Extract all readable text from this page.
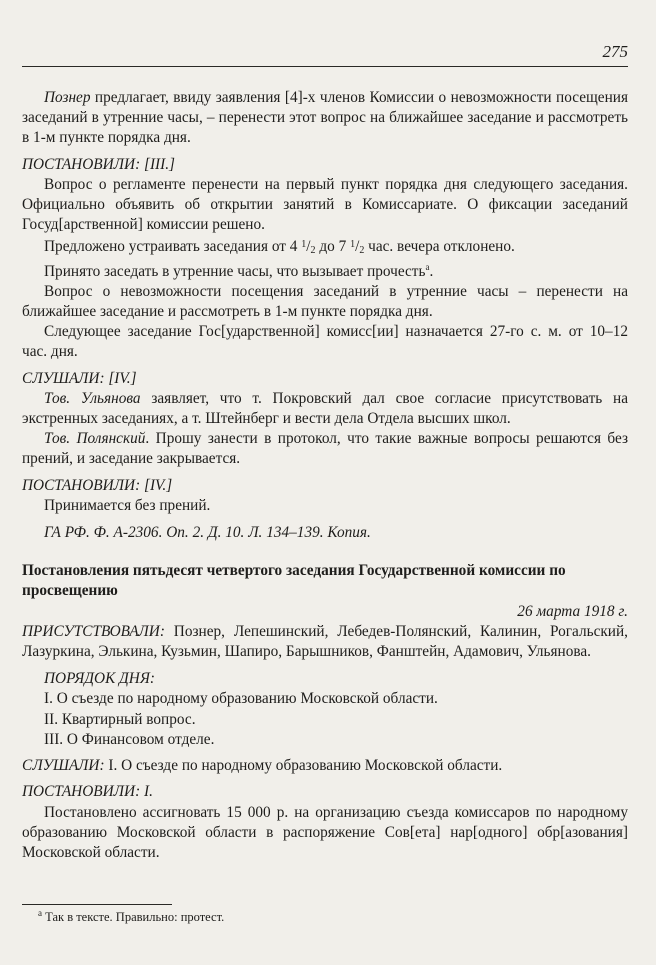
275

Познер предлагает, ввиду заявления [4]-х членов Комиссии о невозможности посещения заседаний в утренние часы, – перенести этот вопрос на ближайшее заседание и рассмотреть в 1-м пункте порядка дня.

ПОСТАНОВИЛИ: [III.]

Вопрос о регламенте перенести на первый пункт порядка дня следующего заседания. Официально объявить об открытии занятий в Комиссариате. О фиксации заседаний Госуд[арственной] комиссии решено.

Предложено устраивать заседания от 4 $^1$/2 до 7 $^1$/2 час. вечера отклонено.

Принято заседать в утренние часы, что вызывает прочесть$^a$.

Вопрос о невозможности посещения заседаний в утренние часы – перенести на ближайшее заседание и рассмотреть в 1-м пункте порядка дня.

Следующее заседание Гос[ударственной] комисс[ии] назначается 27-го с. м. от 10–12 час. дня.

СЛУШАЛИ: [IV.]

Тов. Ульянова заявляет, что т. Покровский дал свое согласие присутствовать на экстренных заседаниях, а т. Штейнберг и вести дела Отдела высших школ.

Тов. Полянский. Прошу занести в протокол, что такие важные вопросы решаются без прений, и заседание закрывается.

ПОСТАНОВИЛИ: [IV.]

Принимается без прений.

ГА РФ. Ф. А-2306. Оп. 2. Д. 10. Л. 134–139. Копия.

Постановления пятьдесят четвертого заседания Государственной комиссии по просвещению

26 марта 1918 г.

ПРИСУТСТВОВАЛИ: Познер, Лепешинский, Лебедев-Полянский, Калинин, Рогальский, Лазуркина, Элькина, Кузьмин, Шапиро, Барышников, Фанштейн, Адамович, Ульянова.

ПОРЯДОК ДНЯ:

I. О съезде по народному образованию Московской области.

II. Квартирный вопрос.

III. О Финансовом отделе.

СЛУШАЛИ: I. О съезде по народному образованию Московской области.

ПОСТАНОВИЛИ: I.

Постановлено ассигновать 15 000 р. на организацию съезда комиссаров по народному образованию Московской области в распоряжение Сов[ета] нар[одного] обр[азования] Московской области.

$^a$ Так в тексте. Правильно: протест.
